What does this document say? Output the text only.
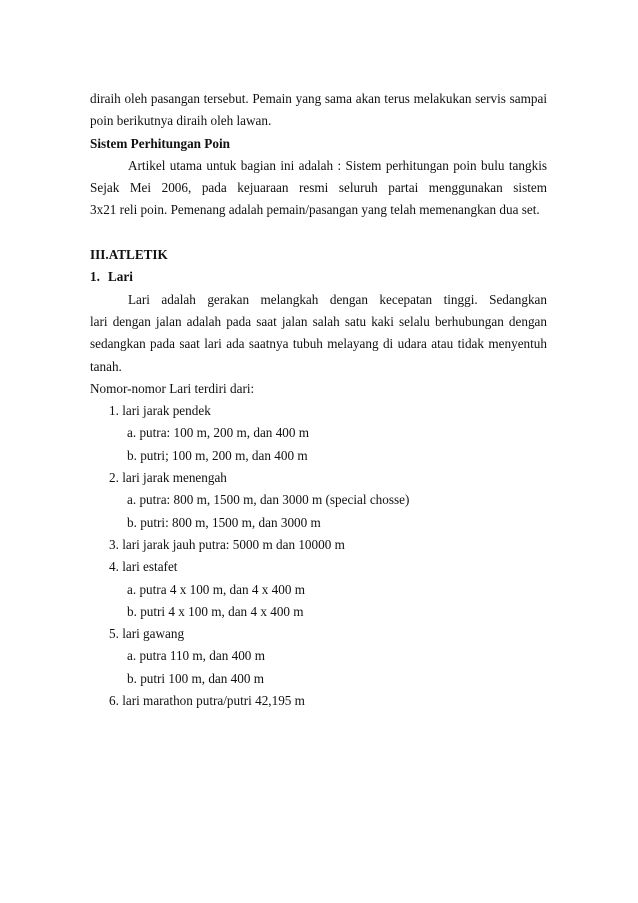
diraih oleh pasangan tersebut. Pemain yang sama akan terus melakukan servis sampai
poin berikutnya diraih oleh lawan.
Sistem Perhitungan Poin
Artikel utama untuk bagian ini adalah : Sistem perhitungan poin bulu tangkis
Sejak Mei 2006, pada kejuaraan resmi seluruh partai menggunakan sistem
3x21 reli poin. Pemenang adalah pemain/pasangan yang telah memenangkan dua set.
III.ATLETIK
1. Lari
Lari adalah gerakan melangkah dengan kecepatan tinggi. Sedangkan
lari dengan jalan adalah pada saat jalan salah satu kaki selalu berhubungan dengan
sedangkan pada saat lari ada saatnya tubuh melayang di udara atau tidak menyentuh
tanah.
Nomor-nomor Lari terdiri dari:
1. lari jarak pendek
a. putra: 100 m, 200 m, dan 400 m
b. putri; 100 m, 200 m, dan 400 m
2. lari jarak menengah
a. putra: 800 m, 1500 m, dan 3000 m (special chosse)
b. putri: 800 m, 1500 m, dan 3000 m
3. lari jarak jauh putra: 5000 m dan 10000 m
4. lari estafet
a. putra 4 x 100 m, dan 4 x 400 m
b. putri 4 x 100 m, dan 4 x 400 m
5. lari gawang
a. putra 110 m, dan 400 m
b. putri 100 m, dan 400 m
6. lari marathon putra/putri 42,195 m
